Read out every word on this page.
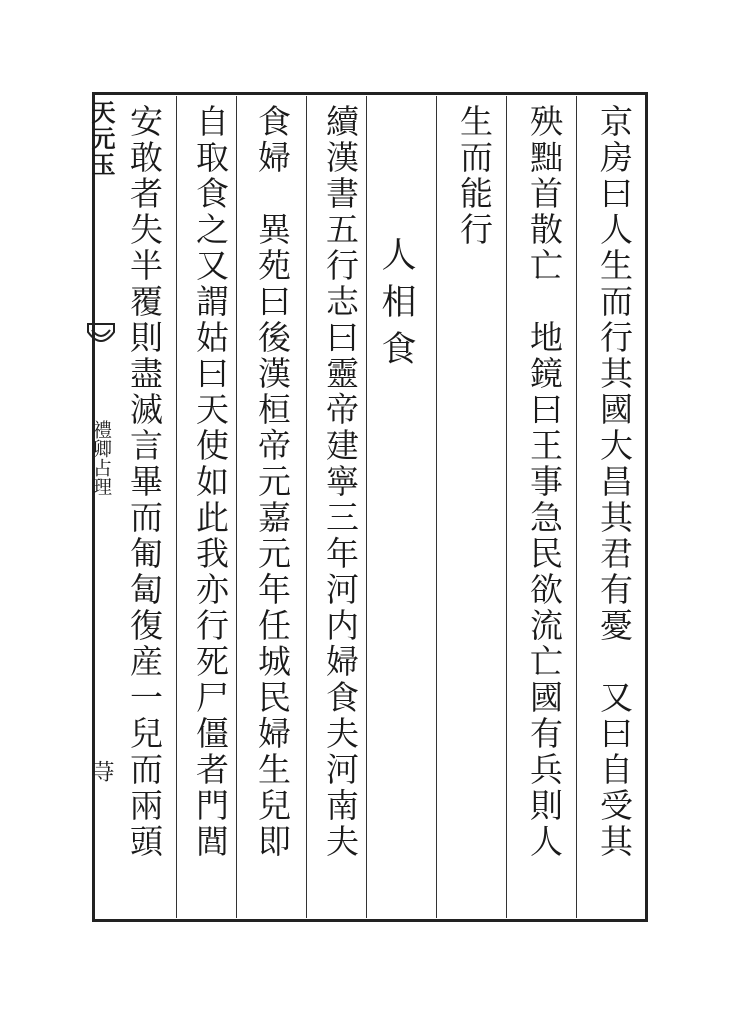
天元玉
禮卿占理
䒭	京房曰人生而行其國大昌其君有憂　又曰自受其
殃黜首散亡　地鏡曰王事急民欲流亡國有兵則人
生而能行
人相食
續漢書五行志曰靈帝建寧三年河内婦食夫河南夫
食婦　異苑曰後漢桓帝元嘉元年任城民婦生兒即
自取食之又謂姑曰天使如此我亦行死尸僵者門閭
安敢者失半覆則盡滅言畢而匍匐復産一兒而兩頭
